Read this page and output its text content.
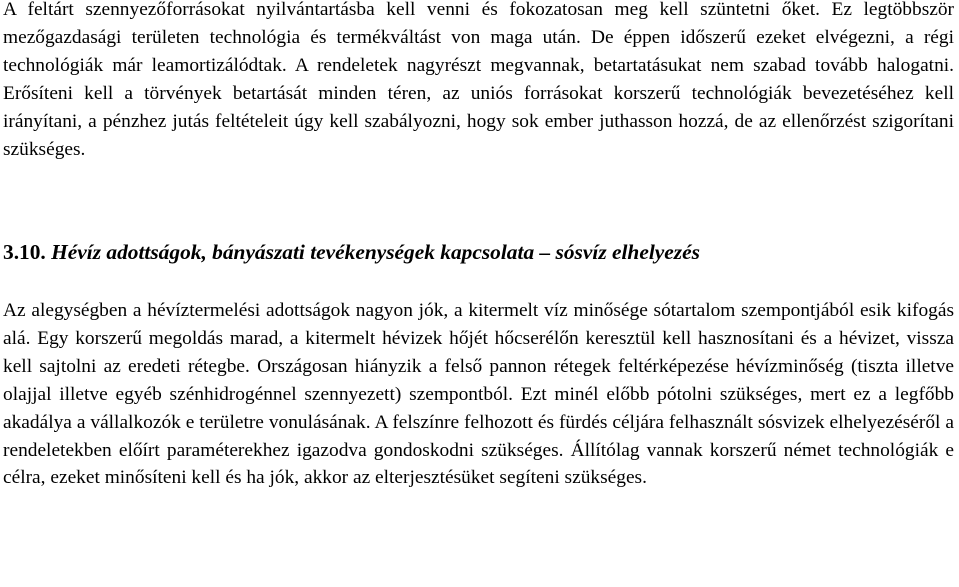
A feltárt szennyezőforrásokat nyilvántartásba kell venni és fokozatosan meg kell szüntetni őket. Ez legtöbbször mezőgazdasági területen technológia és termékváltást von maga után. De éppen időszerű ezeket elvégezni, a régi technológiák már leamortizálódtak. A rendeletek nagyrészt megvannak, betartatásukat nem szabad tovább halogatni. Erősíteni kell a törvények betartását minden téren, az uniós forrásokat korszerű technológiák bevezetéséhez kell irányítani, a pénzhez jutás feltételeit úgy kell szabályozni, hogy sok ember juthasson hozzá, de az ellenőrzést szigorítani szükséges.

3.10. Hévíz adottságok, bányászati tevékenységek kapcsolata – sósvíz elhelyezés

Az alegységben a hévíztermelési adottságok nagyon jók, a kitermelt víz minősége sótartalom szempontjából esik kifogás alá. Egy korszerű megoldás marad, a kitermelt hévizek hőjét hőcserélőn keresztül kell hasznosítani és a hévizet, vissza kell sajtolni az eredeti rétegbe. Országosan hiányzik a felső pannon rétegek feltérképezése hévízminőség (tiszta illetve olajjal illetve egyéb szénhidrogénnel szennyezett) szempontból. Ezt minél előbb pótolni szükséges, mert ez a legfőbb akadálya a vállalkozók e területre vonulásának. A felszínre felhozott és fürdés céljára felhasznált sósvizek elhelyezéséről a rendeletekben előírt paraméterekhez igazodva gondoskodni szükséges. Állítólag vannak korszerű német technológiák e célra, ezeket minősíteni kell és ha jók, akkor az elterjesztésüket segíteni szükséges.
